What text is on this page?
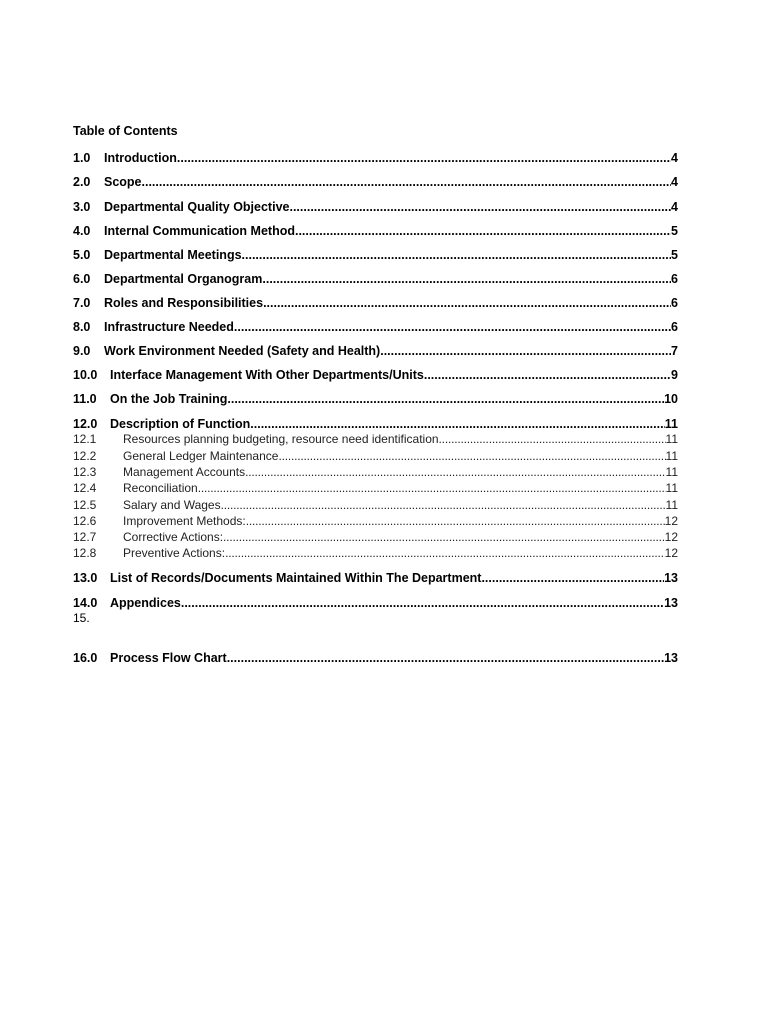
Table of Contents
1.0	Introduction .....	4
2.0	Scope .....	4
3.0	Departmental Quality Objective .....	4
4.0	Internal Communication Method .....	5
5.0	Departmental Meetings .....	5
6.0	Departmental Organogram .....	6
7.0	Roles and Responsibilities .....	6
8.0	Infrastructure Needed .....	6
9.0	Work Environment Needed (Safety and Health) .....	7
10.0	Interface Management With Other Departments/Units .....	9
11.0	On the Job Training .....	10
12.0	Description of Function .....	11
12.1	Resources planning budgeting, resource need identification .....	11
12.2	General Ledger Maintenance .....	11
12.3	Management Accounts .....	11
12.4	Reconciliation .....	11
12.5	Salary and Wages .....	11
12.6	Improvement Methods: .....	12
12.7	Corrective Actions: .....	12
12.8	Preventive Actions: .....	12
13.0	List of Records/Documents Maintained Within The Department .....	13
14.0	Appendices .....	13
15.
16.0	Process Flow Chart .....	13
